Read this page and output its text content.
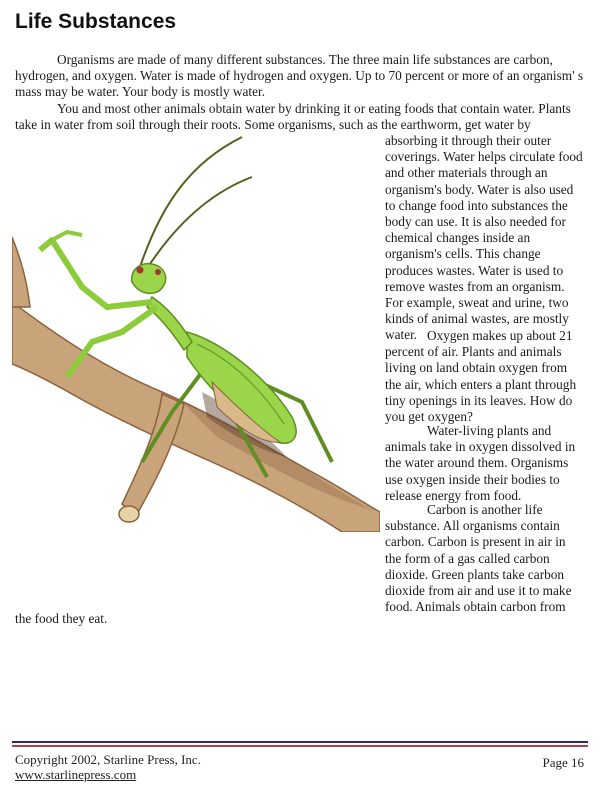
Life Substances

Organisms are made of many different substances. The three main life substances are carbon, hydrogen, and oxygen. Water is made of hydrogen and oxygen. Up to 70 percent or more of an organism' s mass may be water. Your body is mostly water.

You and most other animals obtain water by drinking it or eating foods that contain water. Plants take in water from soil through their roots. Some organisms, such as the earthworm, get water by

absorbing it through their outer coverings. Water helps circulate food and other materials through an organism's body. Water is also used to change food into substances the body can use. It is also needed for chemical changes inside an organism's cells. This change produces wastes. Water is used to remove wastes from an organism. For example, sweat and urine, two kinds of animal wastes, are mostly water. Oxygen makes up about 21 percent of air. Plants and animals living on land obtain oxygen from the air, which enters a plant through tiny openings in its leaves. How do you get oxygen?

Water-living plants and animals take in oxygen dissolved in the water around them. Organisms use oxygen inside their bodies to release energy from food.

Carbon is another life substance. All organisms contain carbon. Carbon is present in air in the form of a gas called carbon dioxide. Green plants take carbon dioxide from air and use it to make food. Animals obtain carbon from

the food they eat.

Copyright 2002, Starline Press, Inc.
www.starlinepress.com
Page 16
